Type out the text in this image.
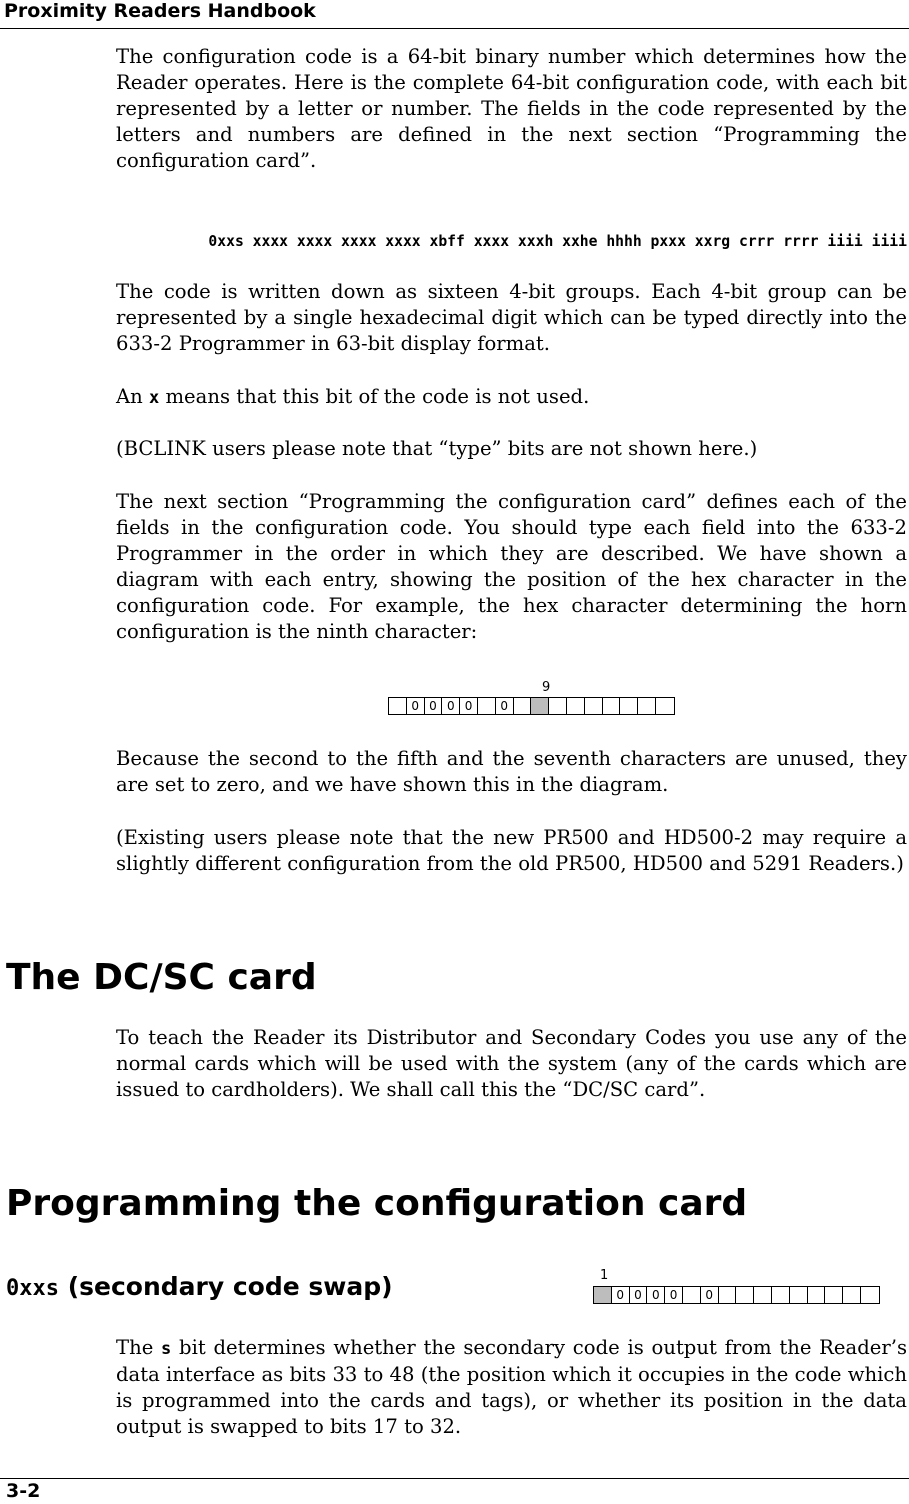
Proximity Readers Handbook

The configuration code is a 64-bit binary number which determines how the Reader operates. Here is the complete 64-bit configuration code, with each bit represented by a letter or number. The fields in the code represented by the letters and numbers are defined in the next section “Programming the configuration card”.

0xxs xxxx xxxx xxxx xxxx xbff xxxx xxxh xxhe hhhh pxxx xxrg crrr rrrr iiii iiii

The code is written down as sixteen 4-bit groups. Each 4-bit group can be represented by a single hexadecimal digit which can be typed directly into the 633-2 Programmer in 63-bit display format.

An x means that this bit of the code is not used.

(BCLINK users please note that “type” bits are not shown here.)

The next section “Programming the configuration card” defines each of the fields in the configuration code. You should type each field into the 633-2 Programmer in the order in which they are described. We have shown a diagram with each entry, showing the position of the hex character in the configuration code. For example, the hex character determining the horn configuration is the ninth character:

9
0 0 0 0	0

Because the second to the fifth and the seventh characters are unused, they are set to zero, and we have shown this in the diagram.

(Existing users please note that the new PR500 and HD500-2 may require a slightly different configuration from the old PR500, HD500 and 5291 Readers.)

The DC/SC card

To teach the Reader its Distributor and Secondary Codes you use any of the normal cards which will be used with the system (any of the cards which are issued to cardholders). We shall call this the “DC/SC card”.

Programming the configuration card
0xxs (secondary code swap)	1
0 0 0 0	0

The s bit determines whether the secondary code is output from the Reader’s data interface as bits 33 to 48 (the position which it occupies in the code which is programmed into the cards and tags), or whether its position in the data output is swapped to bits 17 to 32.

3-2
